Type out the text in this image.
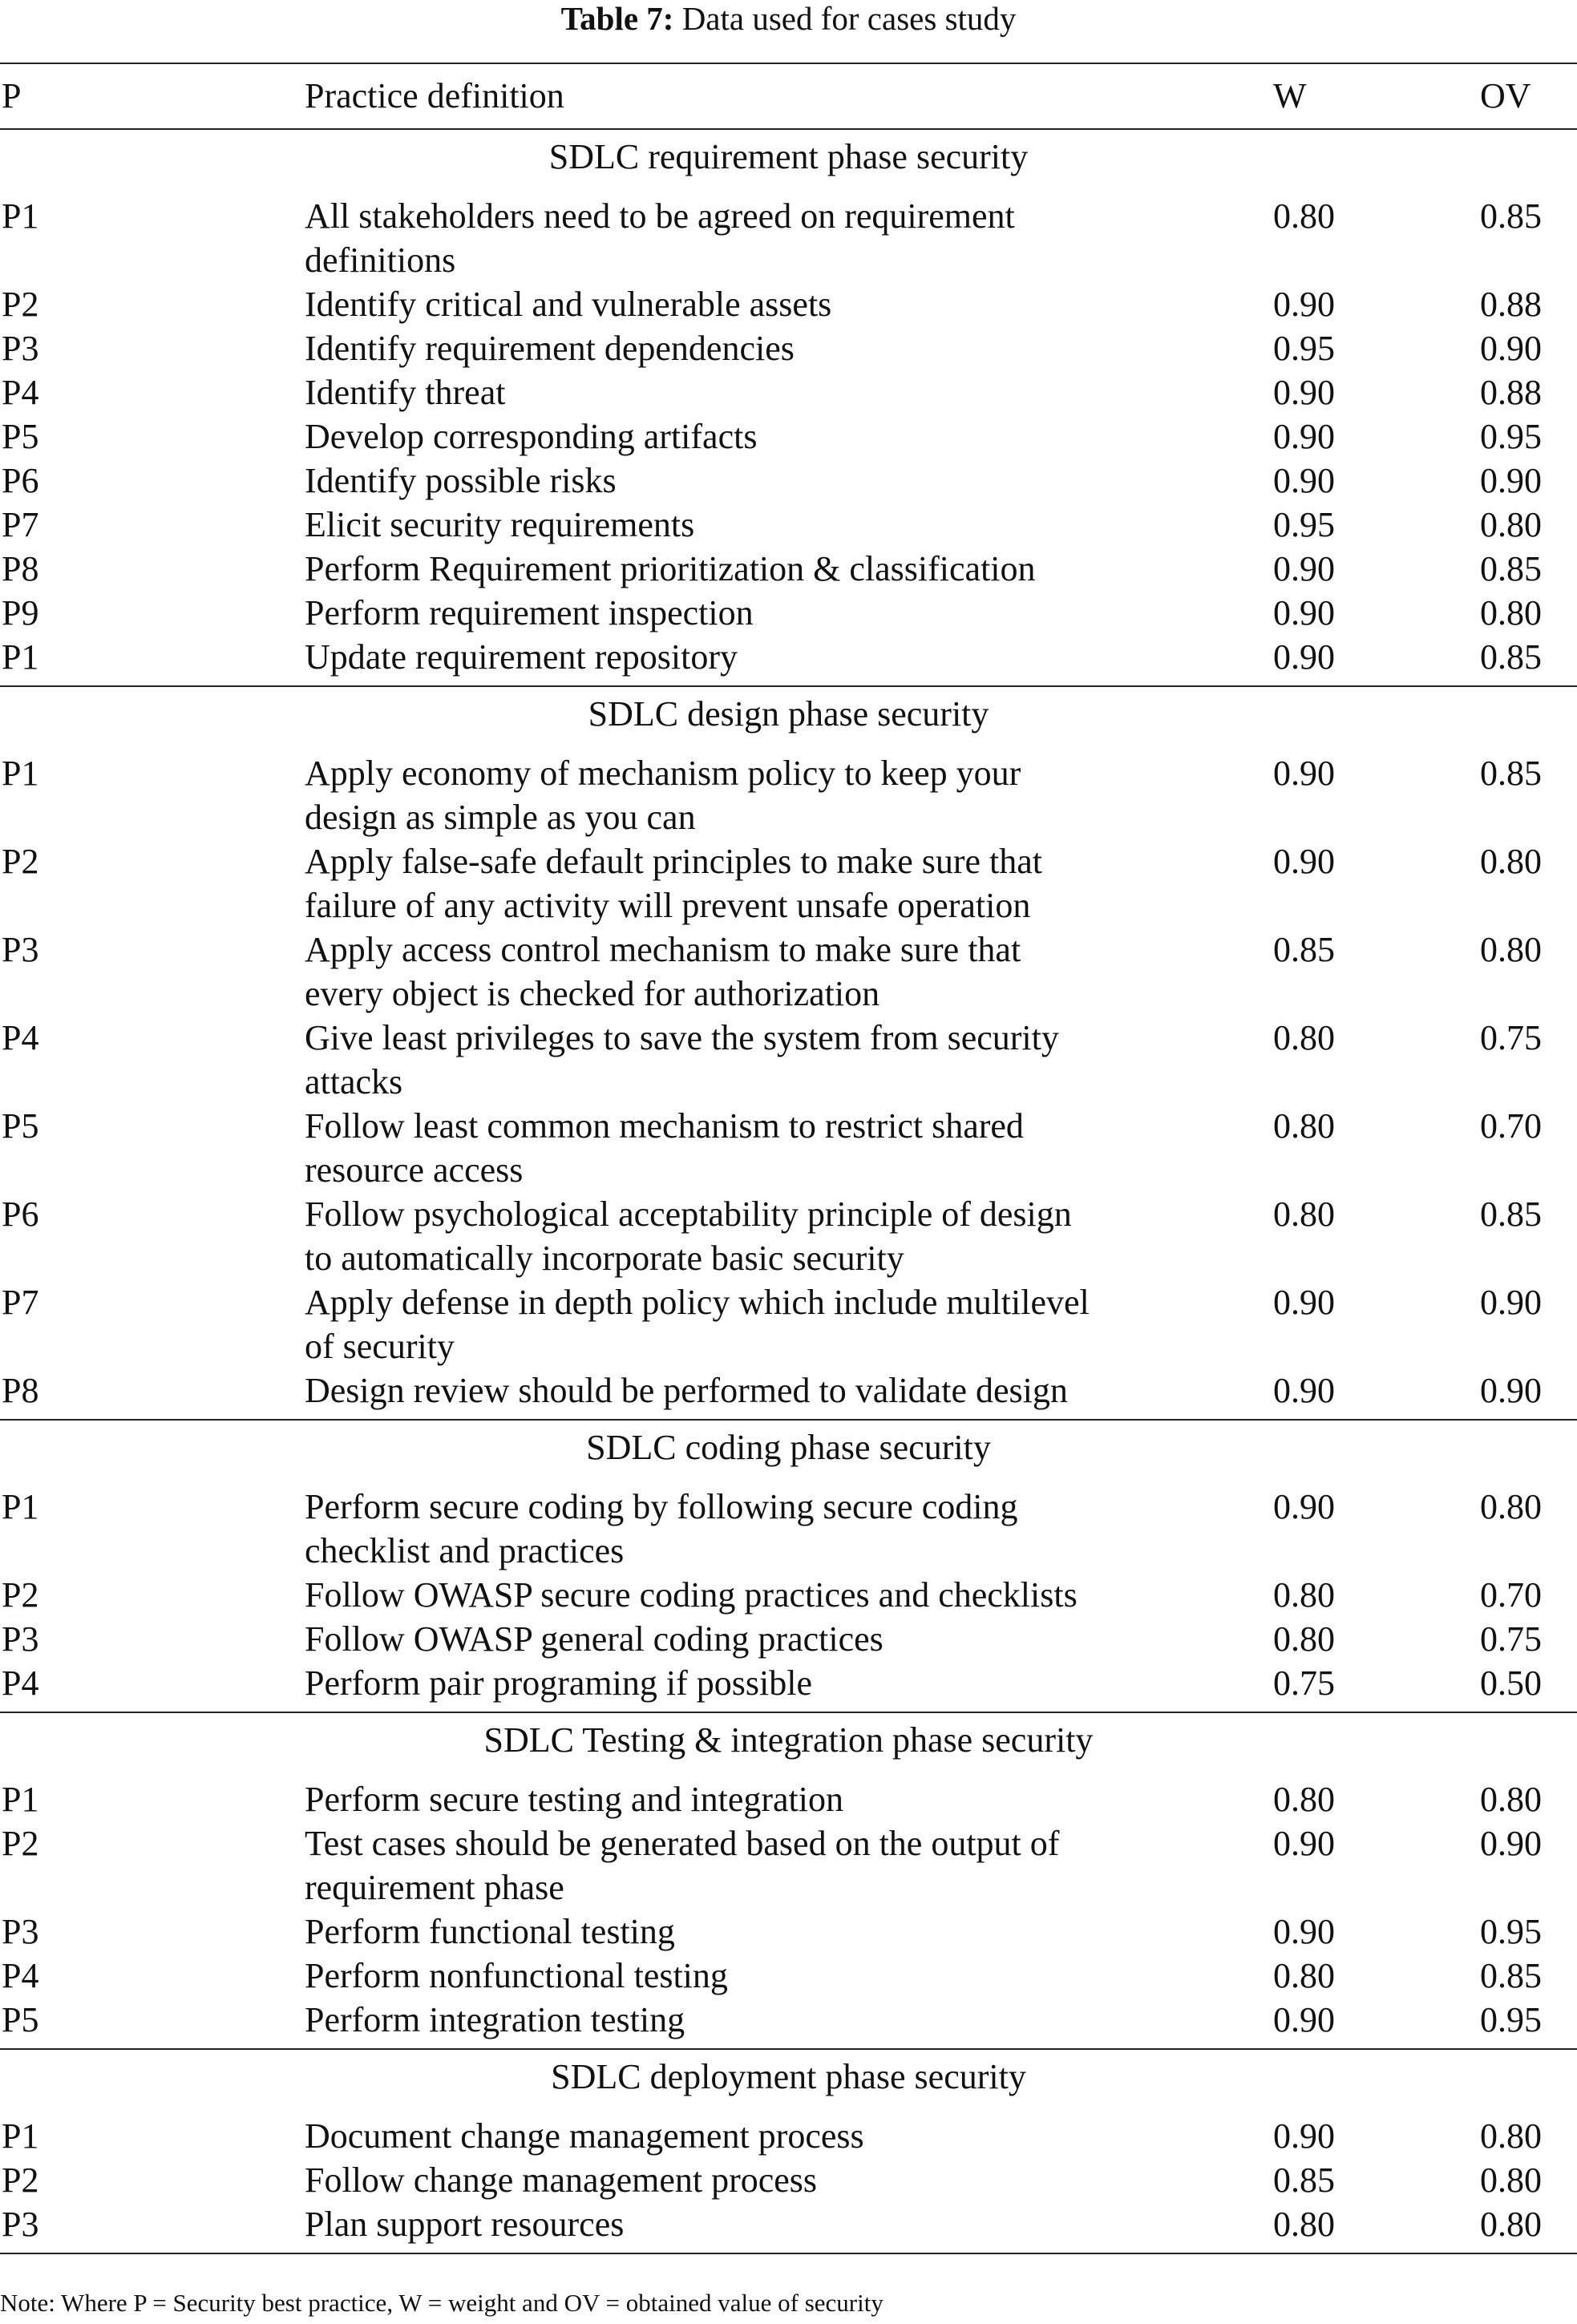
Table 7: Data used for cases study
P	Practice definition	W	OV
SDLC requirement phase security
P1	All stakeholders need to be agreed on requirement
definitions
0.80	0.85
P2	Identify critical and vulnerable assets	0.90	0.88
P3	Identify requirement dependencies	0.95	0.90
P4	Identify threat	0.90	0.88
P5	Develop corresponding artifacts	0.90	0.95
P6	Identify possible risks	0.90	0.90
P7	Elicit security requirements	0.95	0.80
P8	Perform Requirement prioritization & classification	0.90	0.85
P9	Perform requirement inspection	0.90	0.80
P1	Update requirement repository	0.90	0.85
SDLC design phase security
P1	Apply economy of mechanism policy to keep your
design as simple as you can
0.90	0.85
P2	Apply false-safe default principles to make sure that
failure of any activity will prevent unsafe operation
0.90	0.80
P3	Apply access control mechanism to make sure that
every object is checked for authorization
0.85	0.80
P4	Give least privileges to save the system from security
attacks
0.80	0.75
P5	Follow least common mechanism to restrict shared
resource access
0.80	0.70
P6	Follow psychological acceptability principle of design
to automatically incorporate basic security
0.80	0.85
P7	Apply defense in depth policy which include multilevel
of security
0.90	0.90
P8	Design review should be performed to validate design	0.90	0.90
SDLC coding phase security
P1	Perform secure coding by following secure coding
checklist and practices
0.90	0.80
P2	Follow OWASP secure coding practices and checklists	0.80	0.70
P3	Follow OWASP general coding practices	0.80	0.75
P4	Perform pair programing if possible	0.75	0.50
SDLC Testing & integration phase security
P1	Perform secure testing and integration	0.80	0.80
P2	Test cases should be generated based on the output of
requirement phase
0.90	0.90
P3	Perform functional testing	0.90	0.95
P4	Perform nonfunctional testing	0.80	0.85
P5	Perform integration testing	0.90	0.95
SDLC deployment phase security
P1	Document change management process	0.90	0.80
P2	Follow change management process	0.85	0.80
P3	Plan support resources	0.80	0.80
Note: Where P = Security best practice, W = weight and OV = obtained value of security
